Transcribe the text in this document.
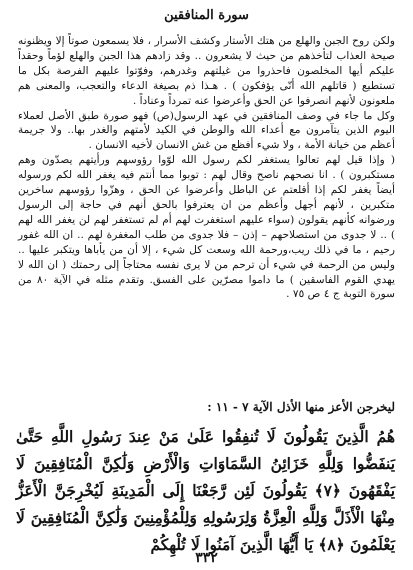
سورة المنافقين

ولكن روح الجبن والهلع من هتك الأستار وكشف الأسرار ، فلا يسمعون صوتاً إلا ويظنونه صيحة العذاب لتأخذهم من حيث لا يشعرون .. وقد زادهم هذا الجبن والهلع لؤماً وحقداً عليكم أيها المخلصون فاحذروا من غيلتهم وغدرهم، وفوّتوا عليهم الفرصة بكل ما تستطيع ( قاتلهم الله أنّى يؤفكون ) . هـذا ذم بصيغة الدعاء والتعجب، والمعنى هم ملعونون لأنهم انصرفوا عن الحق وأعرضوا عنه تمرداً وعناداً .

وكل ما جاء في وصف المنافقين في عهد الرسول(ص) فهو صورة طبق الأصل لعملاء اليوم الذين يتآمرون مع أعداء الله والوطن في الكيد لأمتهم والغدر بها.. ولا جريمة أعظم من خيانة الأمة ، ولا شيء أفظع من غش الانسان لأخيه الانسان .

( وإذا قيل لهم تعالوا يستغفر لكم رسول الله لوّوا رؤوسهم ورأيتهم يصدّون وهم مستكبرون ) . انا نصحهم ناصح وقال لهم : توبوا مما أنتم فيه يغفر الله لكم ورسوله أيضاً يغفر لكم إذا أقلعتم عن الباطل وأعرضوا عن الحق ، وهزّوا رؤوسهم ساخرين متكبرين ، لأنهم أجهل وأعظم من ان يعترفوا بالحق أنهم في حاجة إلى الرسول ورضوانه كأنهم يقولون (سواء عليهم استغفرت لهم أم لم تستغفر لهم لن يغفر الله لهم ) .. لا جدوى من استصلاحهم – إذن – فلا جدوى من طلب المغفرة لهم .. ان الله غفور رحيم ، ما في ذلك ريب،ورحمة الله وسعت كل شيء ، إلا أن من يأباها ويتكبر عليها .. وليس من الرحمة في شيء أن ترحم من لا يرى نفسه محتاجاً إلى رحمتك ( ان الله لا يهدي القوم الفاسقين ) ما داموا مصرّين على الفسق. وتقدم مثله في الآية ٨٠ من سورة التوبة ج ٤ ص ٧٥ .

ليخرجن الأعز منها الأذل الآية ٧ - ١١ :
هُمُ الَّذِينَ يَقُولُونَ لَا تُنفِقُوا عَلَىٰ مَنْ عِندَ رَسُولِ اللَّهِ حَتَّىٰ يَنفَضُّوا وَلِلَّهِ خَزَائِنُ السَّمَاوَاتِ وَالْأَرْضِ وَلَٰكِنَّ الْمُنَافِقِينَ لَا يَفْقَهُونَ ﴿٧﴾ يَقُولُونَ لَئِن رَّجَعْنَا إِلَى الْمَدِينَةِ لَيُخْرِجَنَّ الْأَعَزُّ مِنْهَا الْأَذَلَّ وَلِلَّهِ الْعِزَّةُ وَلِرَسُولِهِ وَلِلْمُؤْمِنِينَ وَلَٰكِنَّ الْمُنَافِقِينَ لَا يَعْلَمُونَ ﴿٨﴾ يَا أَيُّهَا الَّذِينَ آمَنُوا لَا تُلْهِكُمْ
٣٣٢
